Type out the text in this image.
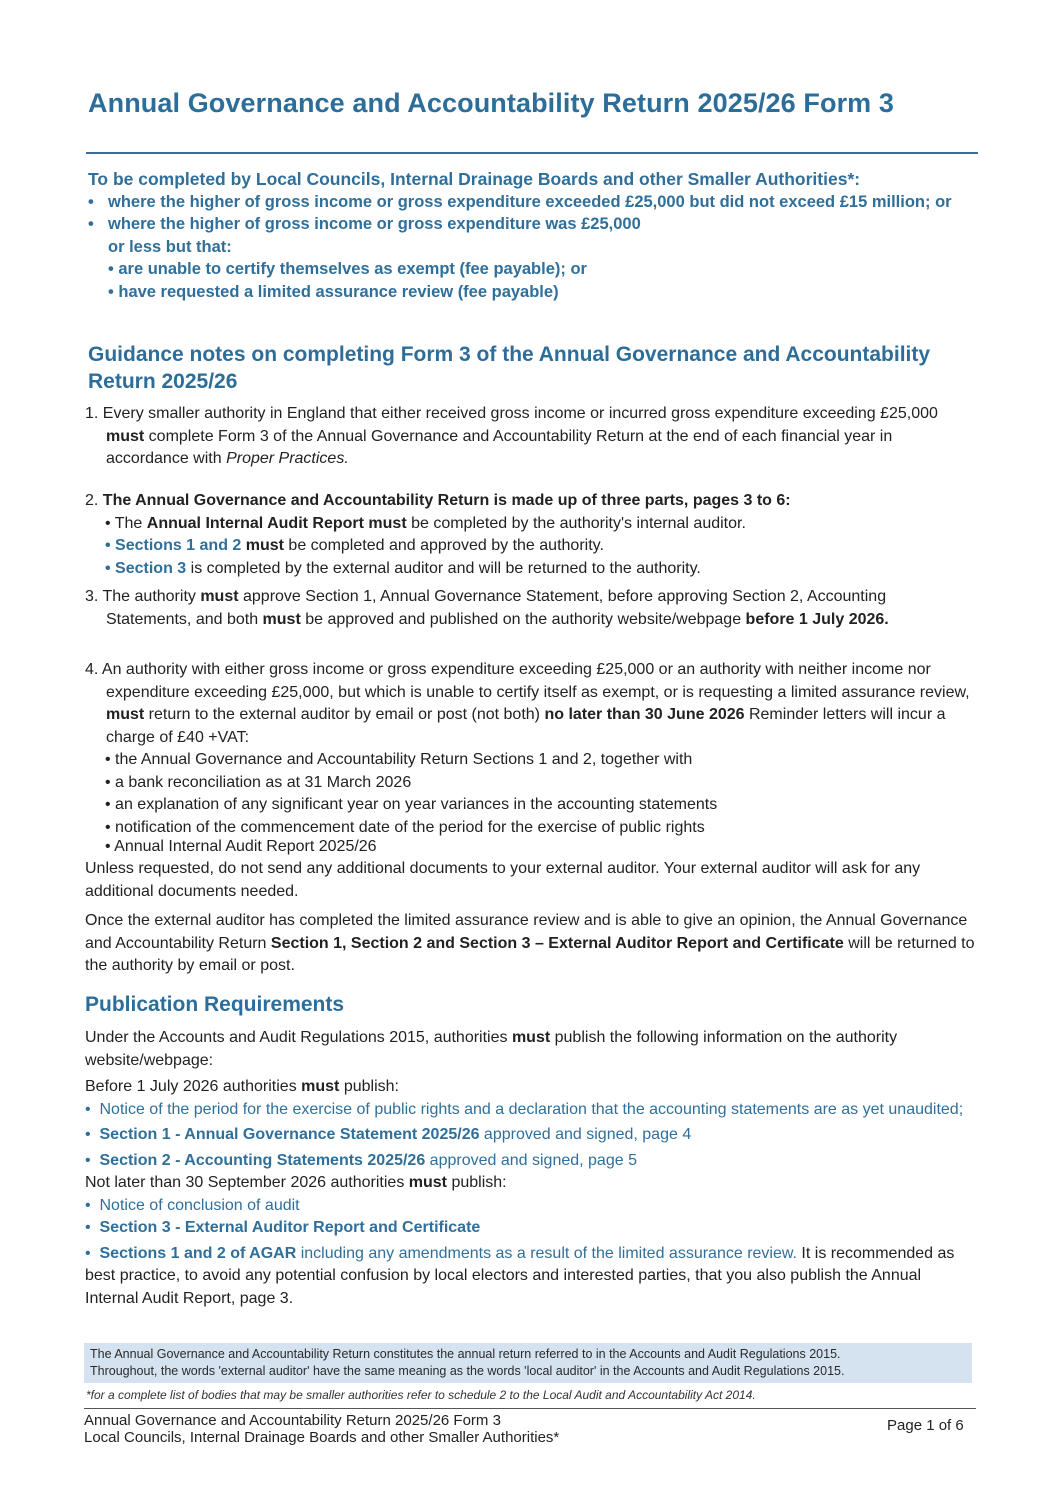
Annual Governance and Accountability Return 2025/26 Form 3
To be completed by Local Councils, Internal Drainage Boards and other Smaller Authorities*:
• where the higher of gross income or gross expenditure exceeded £25,000 but did not exceed £15 million; or
• where the higher of gross income or gross expenditure was £25,000
or less but that:
• are unable to certify themselves as exempt (fee payable); or
• have requested a limited assurance review (fee payable)
Guidance notes on completing Form 3 of the Annual Governance and Accountability Return 2025/26
1. Every smaller authority in England that either received gross income or incurred gross expenditure exceeding £25,000 must complete Form 3 of the Annual Governance and Accountability Return at the end of each financial year in accordance with Proper Practices.
2. The Annual Governance and Accountability Return is made up of three parts, pages 3 to 6:
• The Annual Internal Audit Report must be completed by the authority's internal auditor.
• Sections 1 and 2 must be completed and approved by the authority.
• Section 3 is completed by the external auditor and will be returned to the authority.
3. The authority must approve Section 1, Annual Governance Statement, before approving Section 2, Accounting Statements, and both must be approved and published on the authority website/webpage before 1 July 2026.
4. An authority with either gross income or gross expenditure exceeding £25,000 or an authority with neither income nor expenditure exceeding £25,000, but which is unable to certify itself as exempt, or is requesting a limited assurance review, must return to the external auditor by email or post (not both) no later than 30 June 2026 Reminder letters will incur a charge of £40 +VAT:
• the Annual Governance and Accountability Return Sections 1 and 2, together with
• a bank reconciliation as at 31 March 2026
• an explanation of any significant year on year variances in the accounting statements
• notification of the commencement date of the period for the exercise of public rights
• Annual Internal Audit Report 2025/26
Unless requested, do not send any additional documents to your external auditor. Your external auditor will ask for any additional documents needed.
Once the external auditor has completed the limited assurance review and is able to give an opinion, the Annual Governance and Accountability Return Section 1, Section 2 and Section 3 – External Auditor Report and Certificate will be returned to the authority by email or post.
Publication Requirements
Under the Accounts and Audit Regulations 2015, authorities must publish the following information on the authority website/webpage:
Before 1 July 2026 authorities must publish:
•  Notice of the period for the exercise of public rights and a declaration that the accounting statements are as yet unaudited;
•  Section 1 - Annual Governance Statement 2025/26 approved and signed, page 4
•  Section 2 - Accounting Statements 2025/26 approved and signed, page 5
Not later than 30 September 2026 authorities must publish:
•  Notice of conclusion of audit
•  Section 3 - External Auditor Report and Certificate
•  Sections 1 and 2 of AGAR including any amendments as a result of the limited assurance review. It is recommended as best practice, to avoid any potential confusion by local electors and interested parties, that you also publish the Annual Internal Audit Report, page 3.
The Annual Governance and Accountability Return constitutes the annual return referred to in the Accounts and Audit Regulations 2015.
Throughout, the words 'external auditor' have the same meaning as the words 'local auditor' in the Accounts and Audit Regulations 2015.
*for a complete list of bodies that may be smaller authorities refer to schedule 2 to the Local Audit and Accountability Act 2014.
Annual Governance and Accountability Return 2025/26 Form 3
Local Councils, Internal Drainage Boards and other Smaller Authorities*
Page 1 of 6
